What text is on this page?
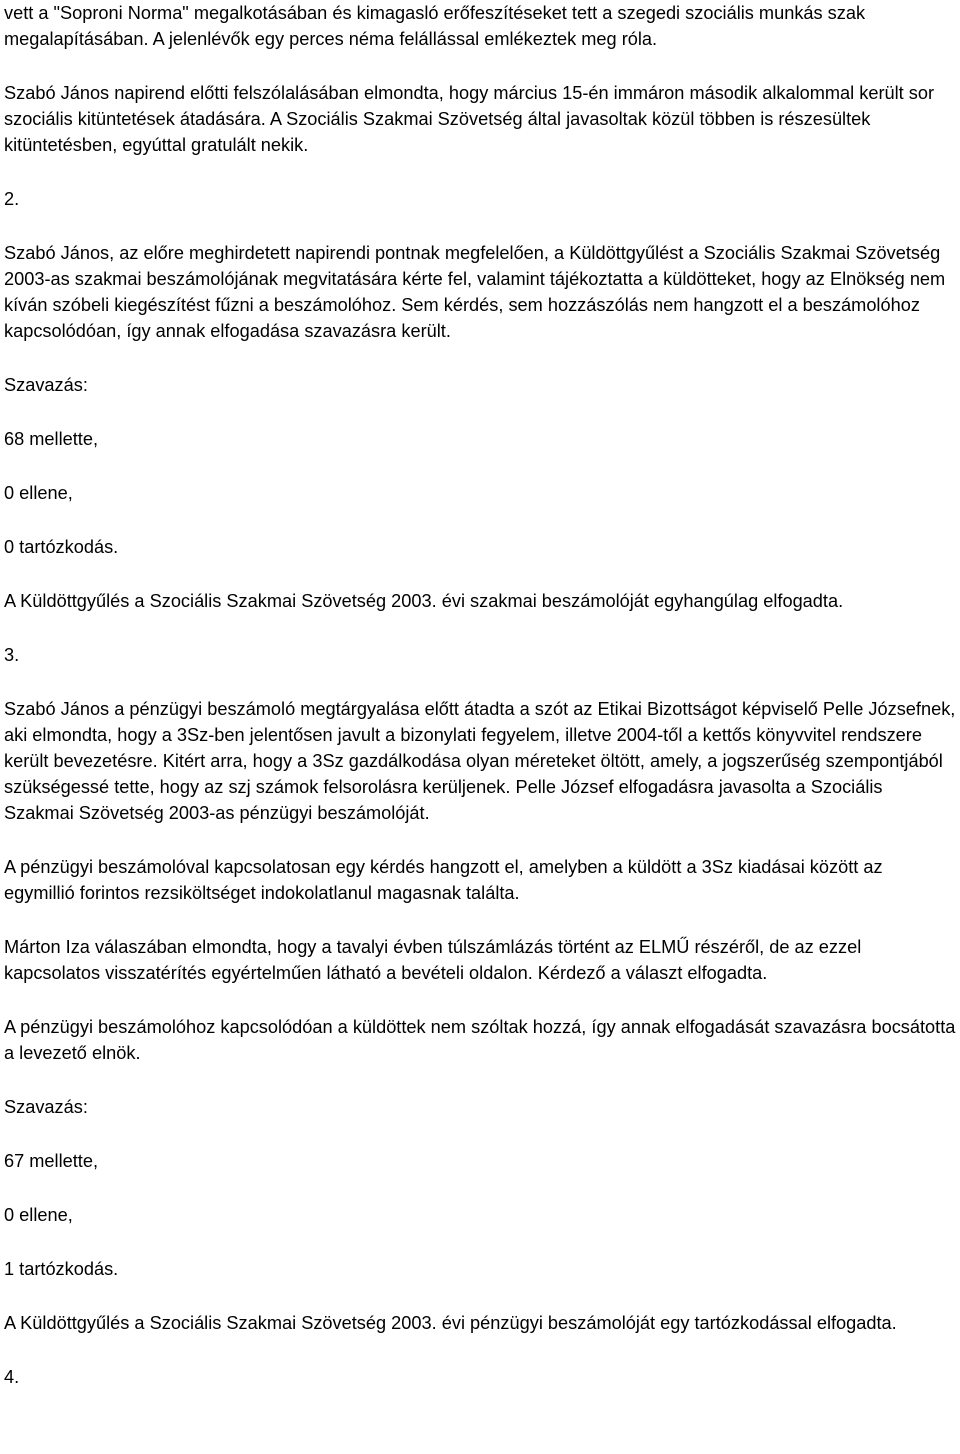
vett a "Soproni Norma" megalkotásában és kimagasló erőfeszítéseket tett a szegedi szociális munkás szak megalapításában. A jelenlévők egy perces néma felállással emlékeztek meg róla.

Szabó János napirend előtti felszólalásában elmondta, hogy március 15-én immáron második alkalommal került sor szociális kitüntetések átadására. A Szociális Szakmai Szövetség által javasoltak közül többen is részesültek kitüntetésben, egyúttal gratulált nekik.

2.

Szabó János, az előre meghirdetett napirendi pontnak megfelelően, a Küldöttgyűlést a Szociális Szakmai Szövetség 2003-as szakmai beszámolójának megvitatására kérte fel, valamint tájékoztatta a küldötteket, hogy az Elnökség nem kíván szóbeli kiegészítést fűzni a beszámolóhoz. Sem kérdés, sem hozzászólás nem hangzott el a beszámolóhoz kapcsolódóan, így annak elfogadása szavazásra került.

Szavazás:

68 mellette,

0 ellene,

0 tartózkodás.

A Küldöttgyűlés a Szociális Szakmai Szövetség 2003. évi szakmai beszámolóját egyhangúlag elfogadta.

3.

Szabó János a pénzügyi beszámoló megtárgyalása előtt átadta a szót az Etikai Bizottságot képviselő Pelle Józsefnek, aki elmondta, hogy a 3Sz-ben jelentősen javult a bizonylati fegyelem, illetve 2004-től a kettős könyvvitel rendszere került bevezetésre. Kitért arra, hogy a 3Sz gazdálkodása olyan méreteket öltött, amely, a jogszerűség szempontjából szükségessé tette, hogy az szj számok felsorolásra kerüljenek. Pelle József elfogadásra javasolta a Szociális Szakmai Szövetség 2003-as pénzügyi beszámolóját.

A pénzügyi beszámolóval kapcsolatosan egy kérdés hangzott el, amelyben a küldött a 3Sz kiadásai között az egymillió forintos rezsiköltséget indokolatlanul magasnak találta.

Márton Iza válaszában elmondta, hogy a tavalyi évben túlszámlázás történt az ELMŰ részéről, de az ezzel kapcsolatos visszatérítés egyértelműen látható a bevételi oldalon. Kérdező a választ elfogadta.

A pénzügyi beszámolóhoz kapcsolódóan a küldöttek nem szóltak hozzá, így annak elfogadását szavazásra bocsátotta a levezető elnök.

Szavazás:

67 mellette,

0 ellene,

1 tartózkodás.

A Küldöttgyűlés a Szociális Szakmai Szövetség 2003. évi pénzügyi beszámolóját egy tartózkodással elfogadta.

4.
